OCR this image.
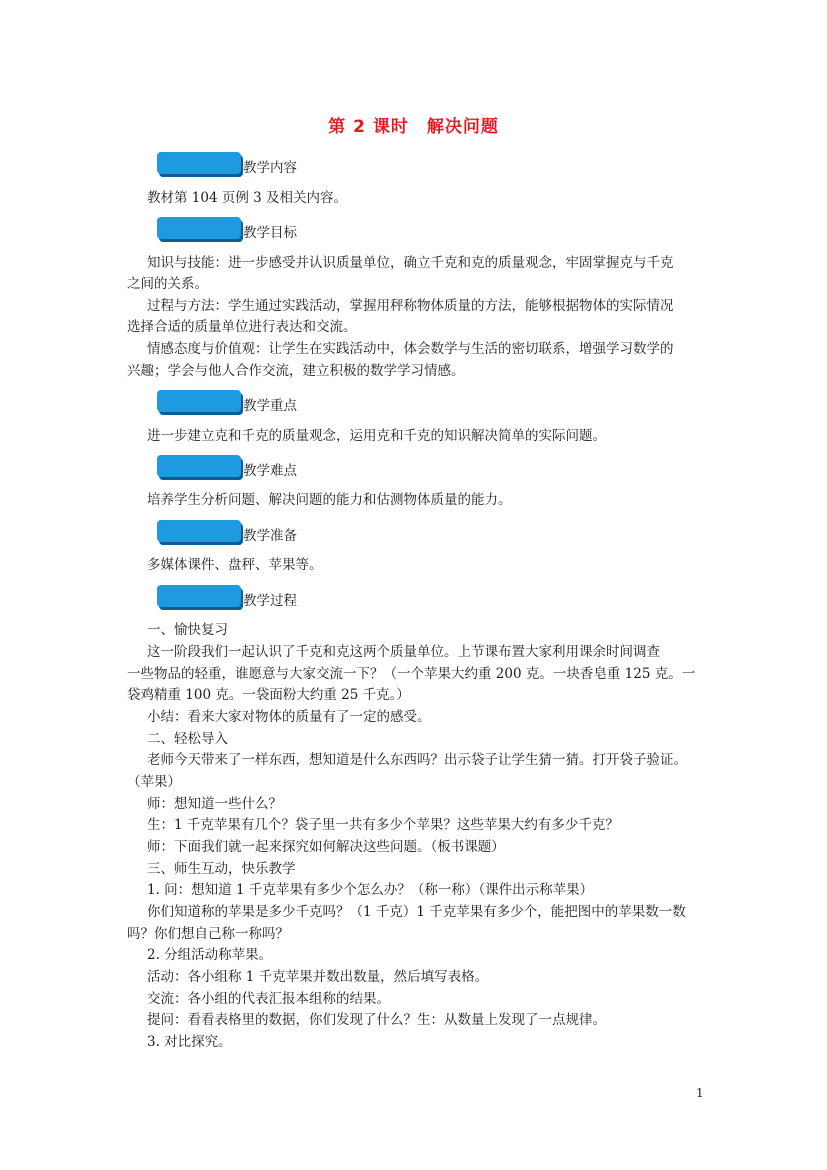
第 2 课时　解决问题
教学内容
教材第 104 页例 3 及相关内容。
教学目标
知识与技能：进一步感受并认识质量单位，确立千克和克的质量观念，牢固掌握克与千克
之间的关系。
过程与方法：学生通过实践活动，掌握用秤称物体质量的方法，能够根据物体的实际情况
选择合适的质量单位进行表达和交流。
情感态度与价值观：让学生在实践活动中，体会数学与生活的密切联系，增强学习数学的
兴趣；学会与他人合作交流，建立积极的数学学习情感。
教学重点
进一步建立克和千克的质量观念，运用克和千克的知识解决简单的实际问题。
教学难点
培养学生分析问题、解决问题的能力和估测物体质量的能力。
教学准备
多媒体课件、盘秤、苹果等。
教学过程
一、愉快复习
这一阶段我们一起认识了千克和克这两个质量单位。上节课布置大家利用课余时间调查
一些物品的轻重，谁愿意与大家交流一下？（一个苹果大约重 200 克。一块香皂重 125 克。一
袋鸡精重 100 克。一袋面粉大约重 25 千克。）
小结：看来大家对物体的质量有了一定的感受。
二、轻松导入
老师今天带来了一样东西，想知道是什么东西吗？出示袋子让学生猜一猜。打开袋子验证。
（苹果）
师：想知道一些什么？
生：1 千克苹果有几个？袋子里一共有多少个苹果？这些苹果大约有多少千克？
师：下面我们就一起来探究如何解决这些问题。（板书课题）
三、师生互动，快乐教学
1. 问：想知道 1 千克苹果有多少个怎么办？（称一称）（课件出示称苹果）
你们知道称的苹果是多少千克吗？（1 千克）1 千克苹果有多少个，能把图中的苹果数一数
吗？你们想自己称一称吗？
2. 分组活动称苹果。
活动：各小组称 1 千克苹果并数出数量，然后填写表格。
交流：各小组的代表汇报本组称的结果。
提问：看看表格里的数据，你们发现了什么？生：从数量上发现了一点规律。
3. 对比探究。
1
